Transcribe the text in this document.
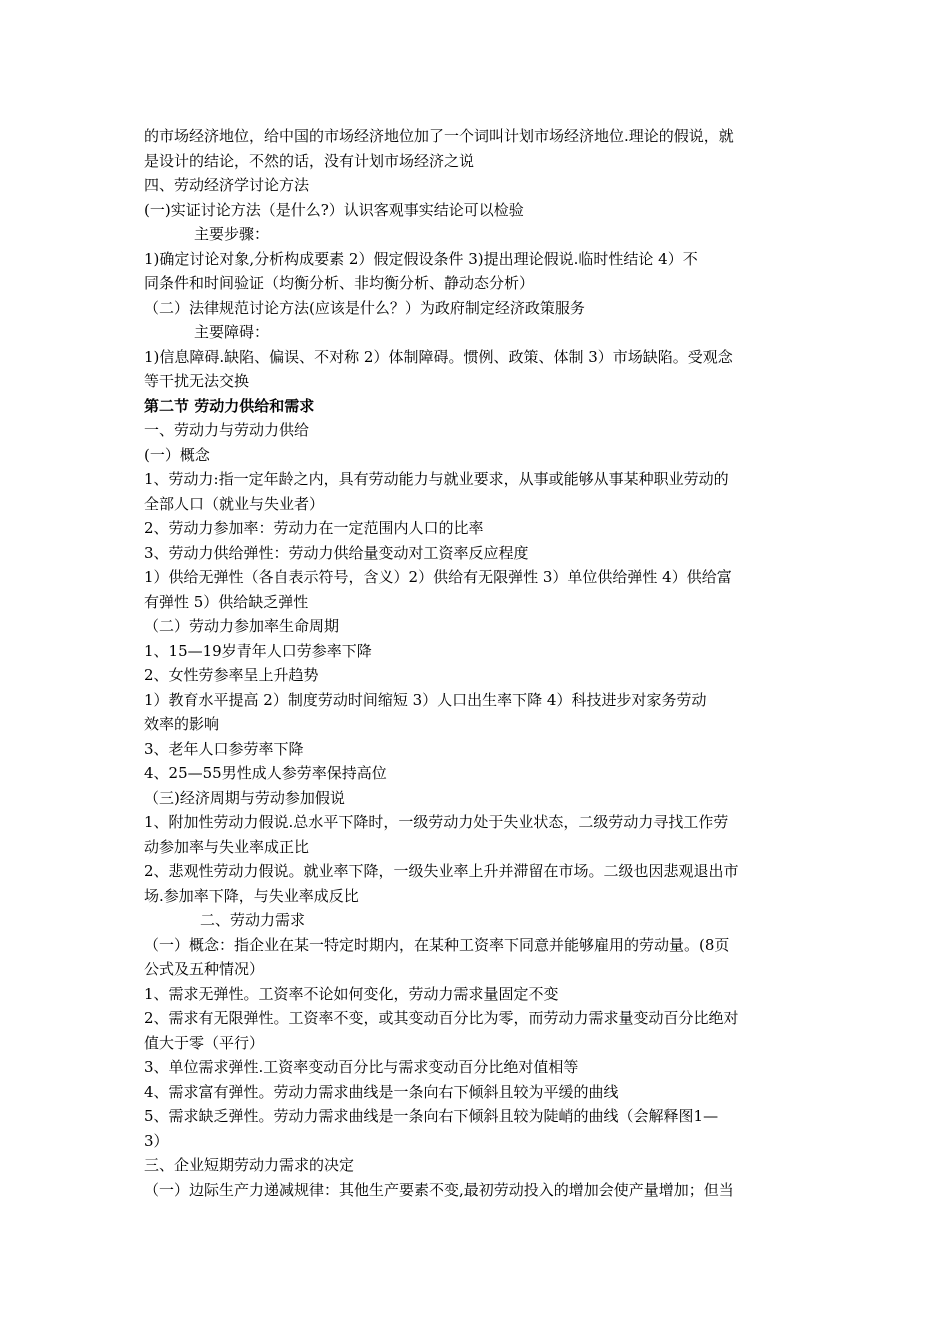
的市场经济地位，给中国的市场经济地位加了一个词叫计划市场经济地位.理论的假说，就

是设计的结论，不然的话，没有计划市场经济之说

四、劳动经济学讨论方法

(一)实证讨论方法（是什么?）认识客观事实结论可以检验

主要步骤：

1)确定讨论对象,分析构成要素 2）假定假设条件 3)提出理论假说.临时性结论 4）不

同条件和时间验证（均衡分析、非均衡分析、静动态分析）

（二）法律规范讨论方法(应该是什么？）为政府制定经济政策服务

主要障碍：

1)信息障碍.缺陷、偏误、不对称 2）体制障碍。惯例、政策、体制 3）市场缺陷。受观念

等干扰无法交换

第二节 劳动力供给和需求

一、劳动力与劳动力供给

(一）概念

1、劳动力:指一定年龄之内，具有劳动能力与就业要求，从事或能够从事某种职业劳动的

全部人口（就业与失业者）

2、劳动力参加率：劳动力在一定范围内人口的比率

3、劳动力供给弹性：劳动力供给量变动对工资率反应程度

1）供给无弹性（各自表示符号，含义）2）供给有无限弹性 3）单位供给弹性 4）供给富

有弹性 5）供给缺乏弹性

（二）劳动力参加率生命周期

1、15—19岁青年人口劳参率下降

2、女性劳参率呈上升趋势

1）教育水平提高 2）制度劳动时间缩短 3）人口出生率下降 4）科技进步对家务劳动

效率的影响

3、老年人口参劳率下降

4、25—55男性成人参劳率保持高位

（三)经济周期与劳动参加假说

1、附加性劳动力假说.总水平下降时，一级劳动力处于失业状态，二级劳动力寻找工作劳

动参加率与失业率成正比

2、悲观性劳动力假说。就业率下降，一级失业率上升并滞留在市场。二级也因悲观退出市

场.参加率下降，与失业率成反比

二、劳动力需求

（一）概念：指企业在某一特定时期内，在某种工资率下同意并能够雇用的劳动量。(8页

公式及五种情况）

1、需求无弹性。工资率不论如何变化，劳动力需求量固定不变

2、需求有无限弹性。工资率不变，或其变动百分比为零，而劳动力需求量变动百分比绝对

值大于零（平行）

3、单位需求弹性.工资率变动百分比与需求变动百分比绝对值相等

4、需求富有弹性。劳动力需求曲线是一条向右下倾斜且较为平缓的曲线

5、需求缺乏弹性。劳动力需求曲线是一条向右下倾斜且较为陡峭的曲线（会解释图1—

3）

三、企业短期劳动力需求的决定

（一）边际生产力递减规律：其他生产要素不变,最初劳动投入的增加会使产量增加；但当
